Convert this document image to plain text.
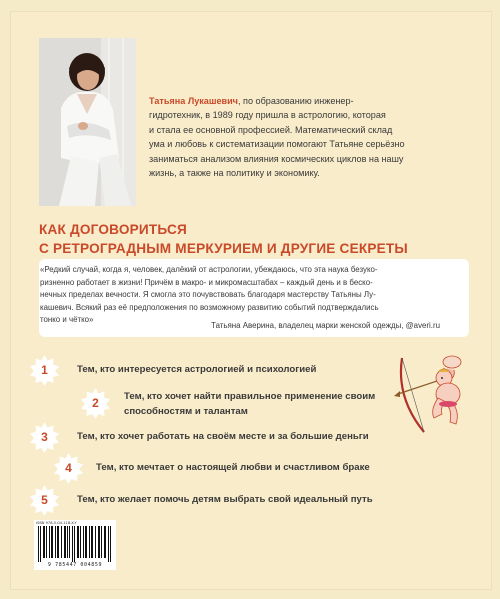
Татьяна Лукашевич, по образованию инженер-
гидротехник, в 1989 году пришла в астрологию, которая
и стала ее основной профессией. Математический склад
ума и любовь к систематизации помогают Татьяне серьёзно
заниматься анализом влияния космических циклов на нашу
жизнь, а также на политику и экономику.
КАК ДОГОВОРИТЬСЯ
С РЕТРОГРАДНЫМ МЕРКУРИЕМ И ДРУГИЕ СЕКРЕТЫ
«Редкий случай, когда я, человек, далёкий от астрологии, убеждаюсь, что эта наука безуко-
ризненно работает в жизни! Причём в макро- и микромасштабах – каждый день и в беско-
нечных пределах вечности. Я смогла это почувствовать благодаря мастерству Татьяны Лу-
кашевич. Всякий раз её предположения по возможному развитию событий подтверждались
тонко и чётко»
Татьяна Аверина, владелец марки женской одежды, @averi.ru
1	Тем, кто интересуется астрологией и психологией
2	Тем, кто хочет найти правильное применение своим
способностям и талантам
3	Тем, кто хочет работать на своём месте и за большие деньги
4	Тем, кто мечтает о настоящей любви и счастливом браке
5	Тем, кто желает помочь детям выбрать свой идеальный путь
ISBN 978-5-04-118-X-Y
9 785447 004859
